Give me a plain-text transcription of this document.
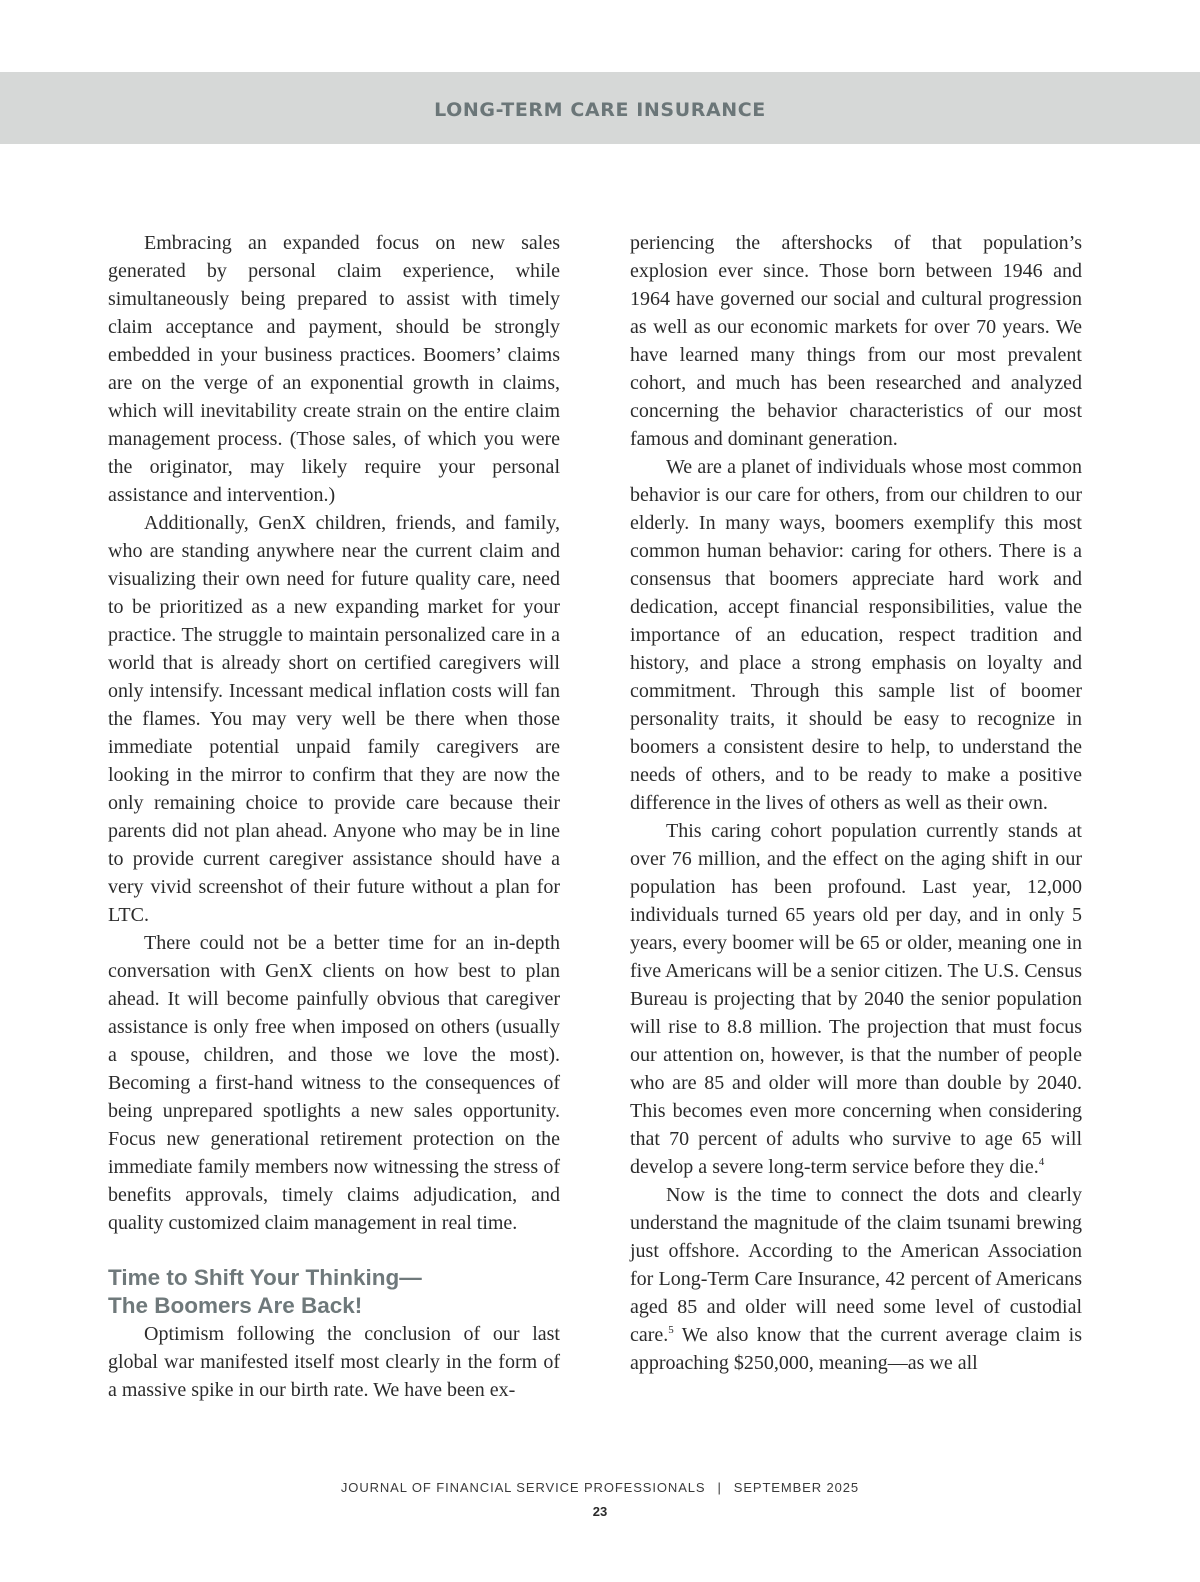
LONG-TERM CARE INSURANCE

Embracing an expanded focus on new sales generated by personal claim experience, while simultaneously being prepared to assist with timely claim acceptance and payment, should be strongly embedded in your business practices. Boomers’ claims are on the verge of an exponential growth in claims, which will inevitability create strain on the entire claim management process. (Those sales, of which you were the originator, may likely require your personal assistance and intervention.)

Additionally, GenX children, friends, and family, who are standing anywhere near the current claim and visualizing their own need for future quality care, need to be prioritized as a new expanding market for your practice. The struggle to maintain personalized care in a world that is already short on certified caregivers will only intensify. Incessant medical inflation costs will fan the flames. You may very well be there when those immediate potential unpaid family caregivers are looking in the mirror to confirm that they are now the only remaining choice to provide care because their parents did not plan ahead. Anyone who may be in line to provide current caregiver assistance should have a very vivid screenshot of their future without a plan for LTC.

There could not be a better time for an in-depth conversation with GenX clients on how best to plan ahead. It will become painfully obvious that caregiver assistance is only free when imposed on others (usually a spouse, children, and those we love the most). Becoming a first-hand witness to the consequences of being unprepared spotlights a new sales opportunity. Focus new generational retirement protection on the immediate family members now witnessing the stress of benefits approvals, timely claims adjudication, and quality customized claim management in real time.

Time to Shift Your Thinking—
The Boomers Are Back!

Optimism following the conclusion of our last global war manifested itself most clearly in the form of a massive spike in our birth rate. We have been ex‑

periencing the aftershocks of that population’s explosion ever since. Those born between 1946 and 1964 have governed our social and cultural progression as well as our economic markets for over 70 years. We have learned many things from our most prevalent cohort, and much has been researched and analyzed concerning the behavior characteristics of our most famous and dominant generation.

We are a planet of individuals whose most common behavior is our care for others, from our children to our elderly. In many ways, boomers exemplify this most common human behavior: caring for others. There is a consensus that boomers appreciate hard work and dedication, accept financial responsibilities, value the importance of an education, respect tradition and history, and place a strong emphasis on loyalty and commitment. Through this sample list of boomer personality traits, it should be easy to recognize in boomers a consistent desire to help, to understand the needs of others, and to be ready to make a positive difference in the lives of others as well as their own.

This caring cohort population currently stands at over 76 million, and the effect on the aging shift in our population has been profound. Last year, 12,000 individuals turned 65 years old per day, and in only 5 years, every boomer will be 65 or older, meaning one in five Americans will be a senior citizen. The U.S. Census Bureau is projecting that by 2040 the senior population will rise to 8.8 million. The projection that must focus our attention on, however, is that the number of people who are 85 and older will more than double by 2040. This becomes even more concerning when considering that 70 percent of adults who survive to age 65 will develop a severe long-term service before they die.$^4$

Now is the time to connect the dots and clearly understand the magnitude of the claim tsunami brewing just offshore. According to the American Association for Long-Term Care Insurance, 42 percent of Americans aged 85 and older will need some level of custodial care.$^5$ We also know that the current average claim is approaching $250,000, meaning—as we all

JOURNAL OF FINANCIAL SERVICE PROFESSIONALS | SEPTEMBER 2025
23
